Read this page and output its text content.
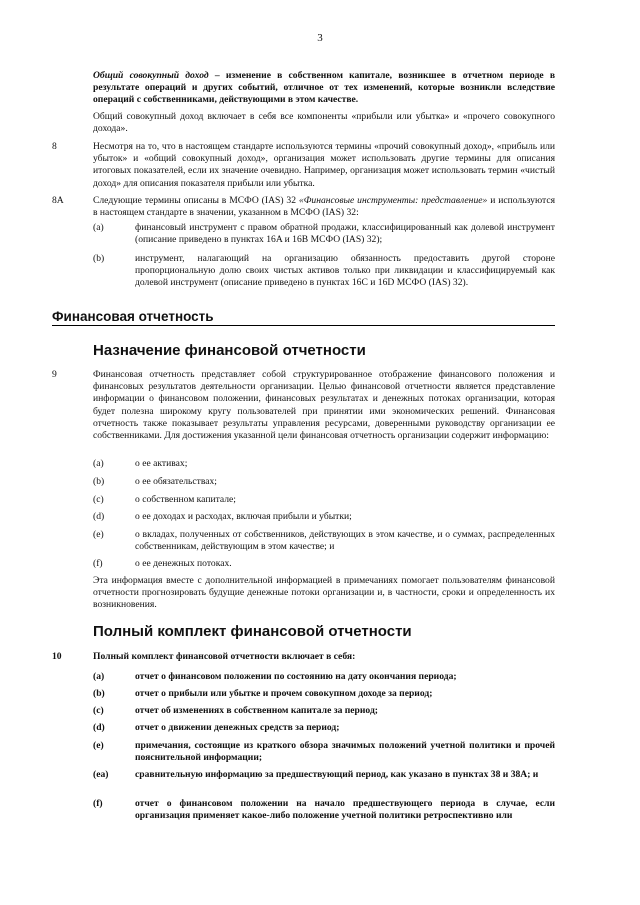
3
Общий совокупный доход – изменение в собственном капитале, возникшее в отчетном периоде в результате операций и других событий, отличное от тех изменений, которые возникли вследствие операций с собственниками, действующими в этом качестве.
Общий совокупный доход включает в себя все компоненты «прибыли или убытка» и «прочего совокупного дохода».
8	Несмотря на то, что в настоящем стандарте используются термины «прочий совокупный доход», «прибыль или убыток» и «общий совокупный доход», организация может использовать другие термины для описания итоговых показателей, если их значение очевидно. Например, организация может использовать термин «чистый доход» для описания показателя прибыли или убытка.
8A	Следующие термины описаны в МСФО (IAS) 32 «Финансовые инструменты: представление» и используются в настоящем стандарте в значении, указанном в МСФО (IAS) 32:
(a)	финансовый инструмент с правом обратной продажи, классифицированный как долевой инструмент (описание приведено в пунктах 16A и 16B МСФО (IAS) 32);
(b)	инструмент, налагающий на организацию обязанность предоставить другой стороне пропорциональную долю своих чистых активов только при ликвидации и классифицируемый как долевой инструмент (описание приведено в пунктах 16C и 16D МСФО (IAS) 32).
Финансовая отчетность
Назначение финансовой отчетности
9	Финансовая отчетность представляет собой структурированное отображение финансового положения и финансовых результатов деятельности организации. Целью финансовой отчетности является представление информации о финансовом положении, финансовых результатах и денежных потоках организации, которая будет полезна широкому кругу пользователей при принятии ими экономических решений. Финансовая отчетность также показывает результаты управления ресурсами, доверенными руководству организации ее собственниками. Для достижения указанной цели финансовая отчетность организации содержит информацию:
(a)	о ее активах;
(b)	о ее обязательствах;
(c)	о собственном капитале;
(d)	о ее доходах и расходах, включая прибыли и убытки;
(e)	о вкладах, полученных от собственников, действующих в этом качестве, и о суммах, распределенных собственникам, действующим в этом качестве; и
(f)	о ее денежных потоках.
Эта информация вместе с дополнительной информацией в примечаниях помогает пользователям финансовой отчетности прогнозировать будущие денежные потоки организации и, в частности, сроки и определенность их возникновения.
Полный комплект финансовой отчетности
10	Полный комплект финансовой отчетности включает в себя:
(a)	отчет о финансовом положении по состоянию на дату окончания периода;
(b)	отчет о прибыли или убытке и прочем совокупном доходе за период;
(c)	отчет об изменениях в собственном капитале за период;
(d)	отчет о движении денежных средств за период;
(e)	примечания, состоящие из краткого обзора значимых положений учетной политики и прочей пояснительной информации;
(ea)	сравнительную информацию за предшествующий период, как указано в пунктах 38 и 38A; и
(f)	отчет о финансовом положении на начало предшествующего периода в случае, если организация применяет какое-либо положение учетной политики ретроспективно или
